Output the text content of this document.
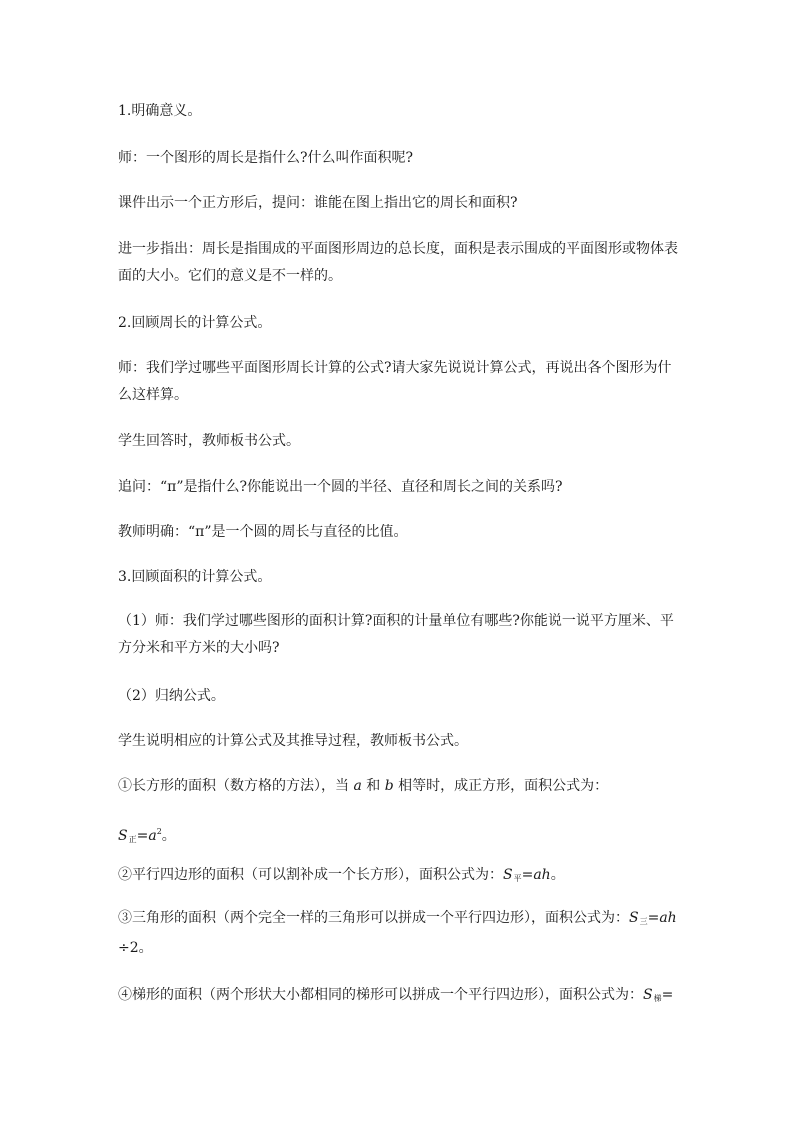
1.明确意义。
师：一个图形的周长是指什么?什么叫作面积呢?
课件出示一个正方形后，提问：谁能在图上指出它的周长和面积?
进一步指出：周长是指围成的平面图形周边的总长度，面积是表示围成的平面图形或物体表面的大小。它们的意义是不一样的。
2.回顾周长的计算公式。
师：我们学过哪些平面图形周长计算的公式?请大家先说说计算公式，再说出各个图形为什么这样算。
学生回答时，教师板书公式。
追问：“π”是指什么?你能说出一个圆的半径、直径和周长之间的关系吗?
教师明确：“π”是一个圆的周长与直径的比值。
3.回顾面积的计算公式。
（1）师：我们学过哪些图形的面积计算?面积的计量单位有哪些?你能说一说平方厘米、平方分米和平方米的大小吗?
（2）归纳公式。
学生说明相应的计算公式及其推导过程，教师板书公式。
①长方形的面积（数方格的方法），当 a 和 b 相等时，成正方形，面积公式为：
$S_正=a^2$。
②平行四边形的面积（可以割补成一个长方形），面积公式为：$S_平=ah$。
③三角形的面积（两个完全一样的三角形可以拼成一个平行四边形），面积公式为：$S_三=ah\div 2$。
④梯形的面积（两个形状大小都相同的梯形可以拼成一个平行四边形），面积公式为：$S_梯=$
